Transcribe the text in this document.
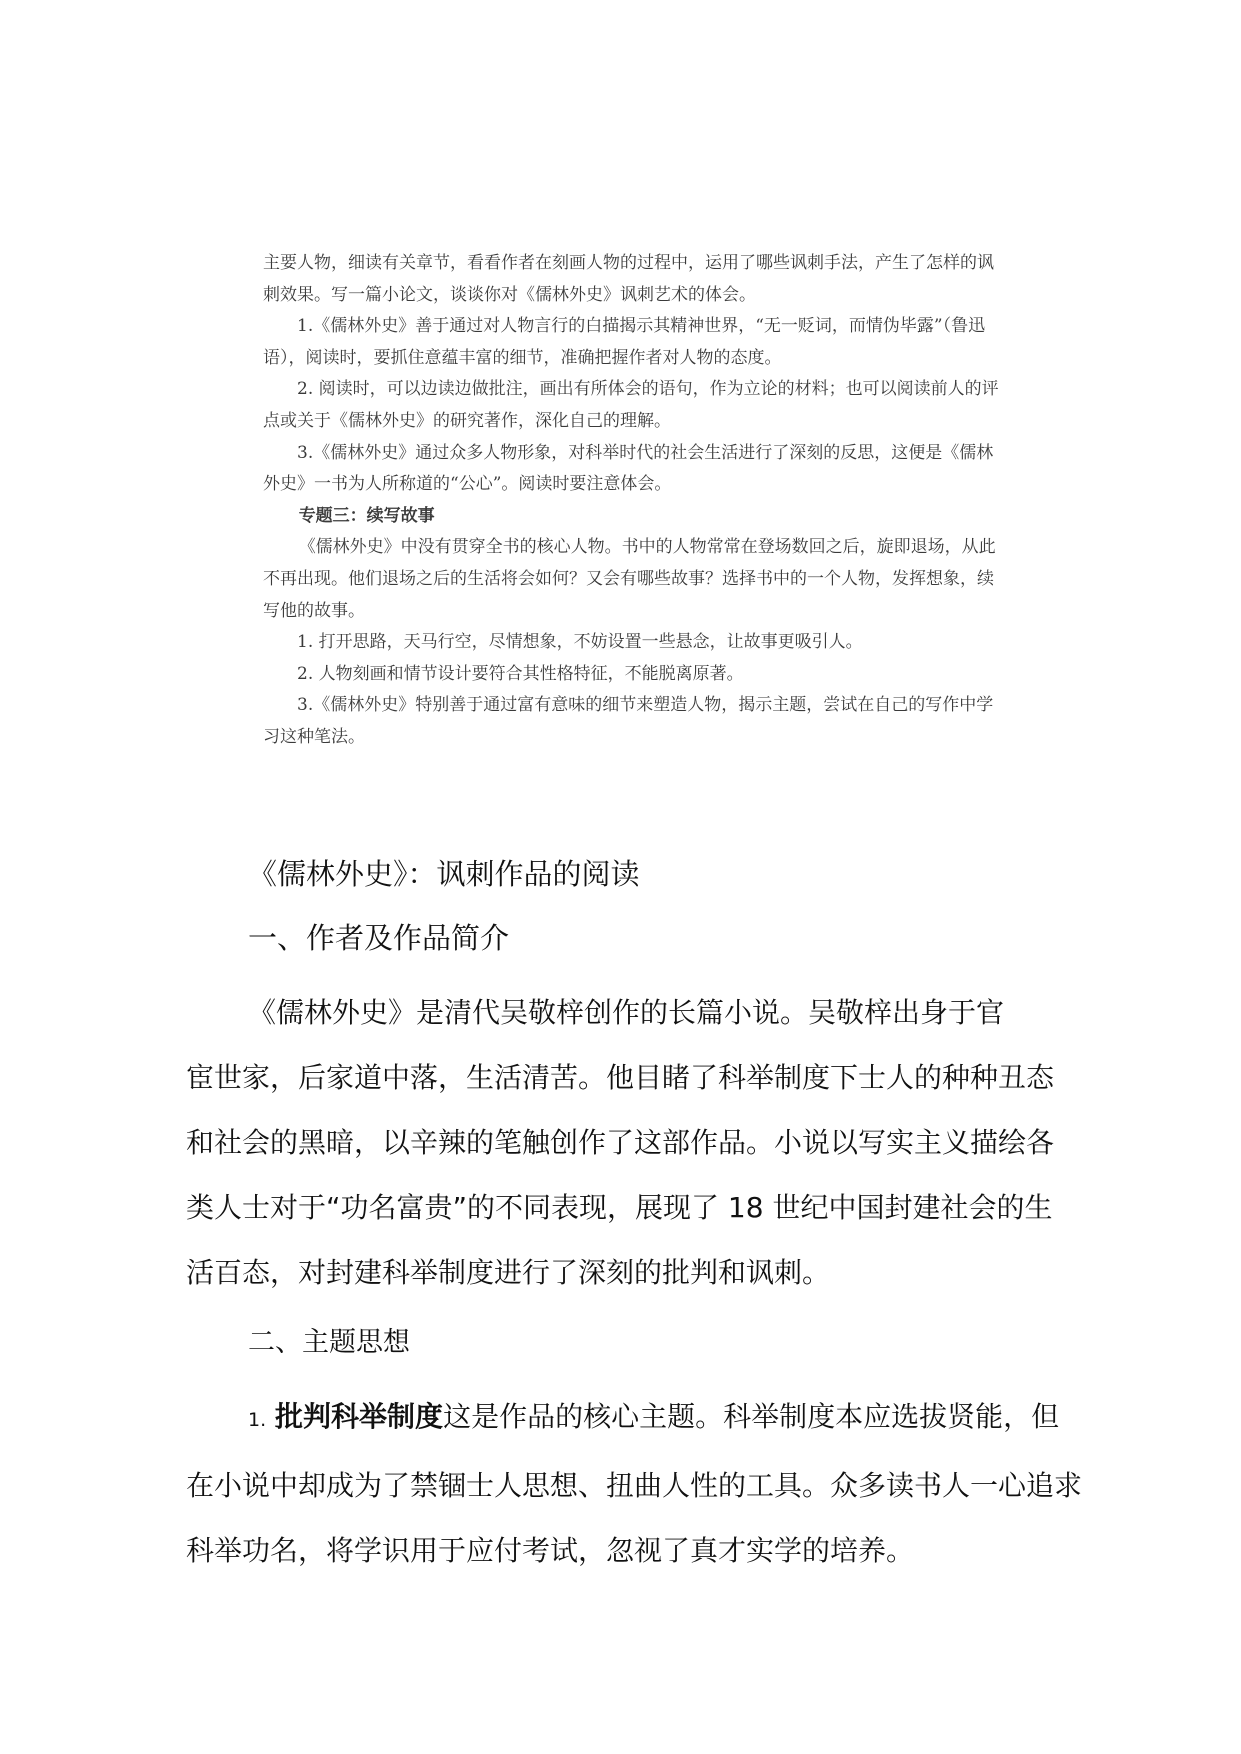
主要人物，细读有关章节，看看作者在刻画人物的过程中，运用了哪些讽刺手法，产生了怎样的讽刺效果。写一篇小论文，谈谈你对《儒林外史》讽刺艺术的体会。

1.《儒林外史》善于通过对人物言行的白描揭示其精神世界，“无一贬词，而情伪毕露”（鲁迅语），阅读时，要抓住意蕴丰富的细节，准确把握作者对人物的态度。

2. 阅读时，可以边读边做批注，画出有所体会的语句，作为立论的材料；也可以阅读前人的评点或关于《儒林外史》的研究著作，深化自己的理解。

3.《儒林外史》通过众多人物形象，对科举时代的社会生活进行了深刻的反思，这便是《儒林外史》一书为人所称道的“公心”。阅读时要注意体会。

专题三：续写故事

《儒林外史》中没有贯穿全书的核心人物。书中的人物常常在登场数回之后，旋即退场，从此不再出现。他们退场之后的生活将会如何？又会有哪些故事？选择书中的一个人物，发挥想象，续写他的故事。

1. 打开思路，天马行空，尽情想象，不妨设置一些悬念，让故事更吸引人。

2. 人物刻画和情节设计要符合其性格特征，不能脱离原著。

3.《儒林外史》特别善于通过富有意味的细节来塑造人物，揭示主题，尝试在自己的写作中学习这种笔法。

《儒林外史》：讽刺作品的阅读
一、作者及作品简介

《儒林外史》是清代吴敬梓创作的长篇小说。吴敬梓出身于官
宦世家，后家道中落，生活清苦。他目睹了科举制度下士人的种种丑态和社会的黑暗，以辛辣的笔触创作了这部作品。小说以写实主义描绘各类人士对于“功名富贵”的不同表现，展现了 18 世纪中国封建社会的生活百态，对封建科举制度进行了深刻的批判和讽刺。

二、主题思想

1. 批判科举制度这是作品的核心主题。科举制度本应选拔贤能，但在小说中却成为了禁锢士人思想、扭曲人性的工具。众多读书人一心追求科举功名，将学识用于应付考试，忽视了真才实学的培养。
